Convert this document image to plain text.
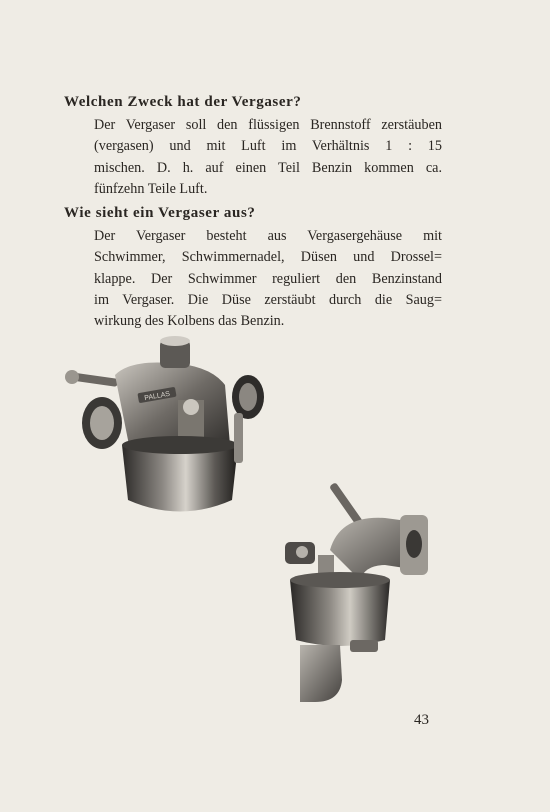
Welchen Zweck hat der Vergaser?

Der Vergaser soll den flüssigen Brennstoff zerstäuben
(vergasen) und mit Luft im Verhältnis 1 : 15
mischen. D. h. auf einen Teil Benzin kommen ca.
fünfzehn Teile Luft.

Wie sieht ein Vergaser aus?

Der Vergaser besteht aus Vergasergehäuse mit
Schwimmer, Schwimmernadel, Düsen und Drossel=
klappe. Der Schwimmer reguliert den Benzinstand
im Vergaser. Die Düse zerstäubt durch die Saug=
wirkung des Kolbens das Benzin.

PALLAS
43
